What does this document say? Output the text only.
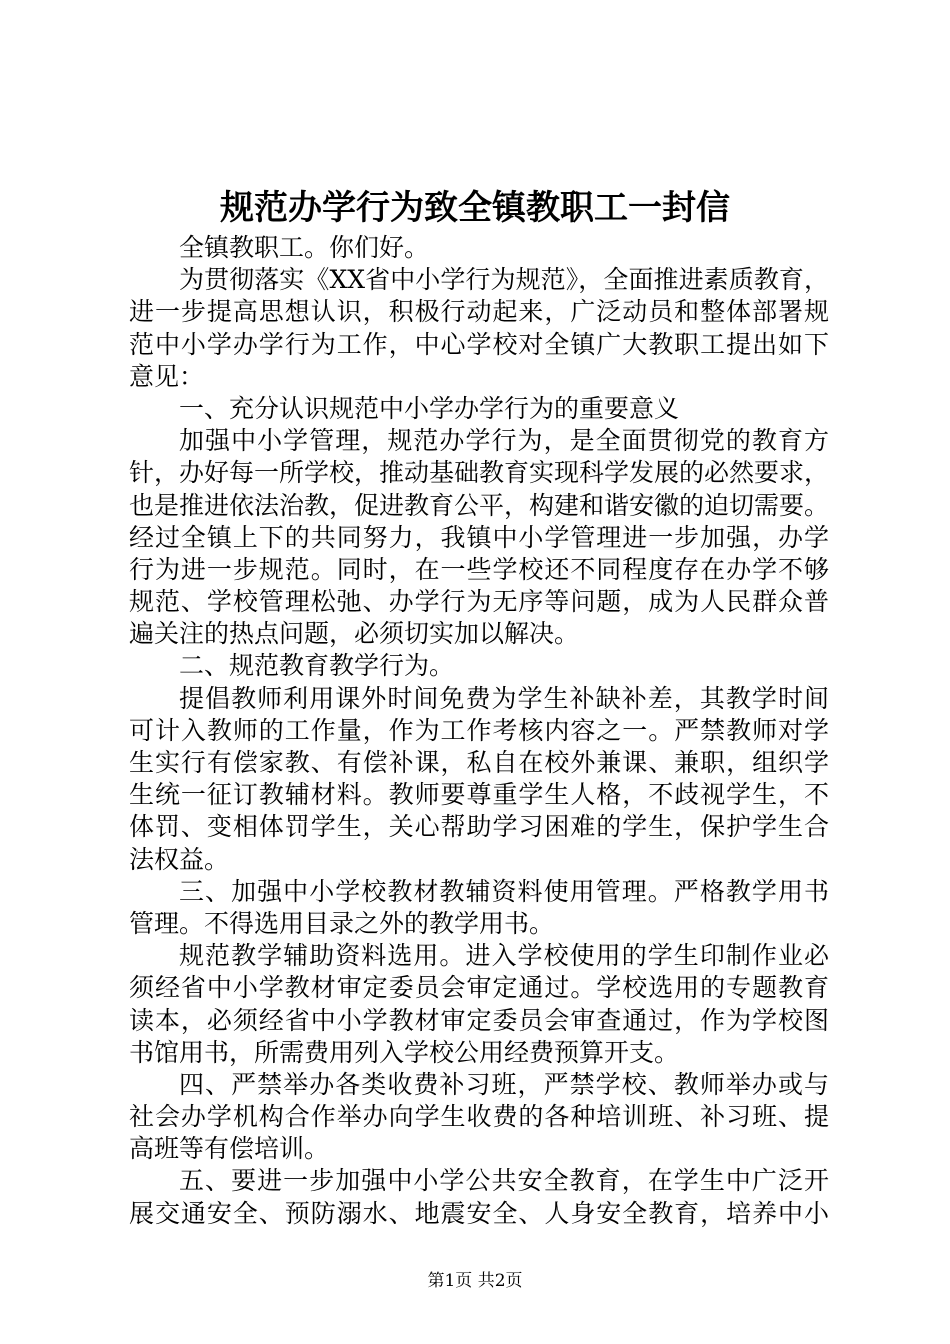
规范办学行为致全镇教职工一封信
全镇教职工。你们好。
为贯彻落实《XX省中小学行为规范》，全面推进素质教育，
进一步提高思想认识，积极行动起来，广泛动员和整体部署规
范中小学办学行为工作，中心学校对全镇广大教职工提出如下
意见：
一、充分认识规范中小学办学行为的重要意义
加强中小学管理，规范办学行为，是全面贯彻党的教育方
针，办好每一所学校，推动基础教育实现科学发展的必然要求，
也是推进依法治教，促进教育公平，构建和谐安徽的迫切需要。
经过全镇上下的共同努力，我镇中小学管理进一步加强，办学
行为进一步规范。同时，在一些学校还不同程度存在办学不够
规范、学校管理松弛、办学行为无序等问题，成为人民群众普
遍关注的热点问题，必须切实加以解决。
二、规范教育教学行为。
提倡教师利用课外时间免费为学生补缺补差，其教学时间
可计入教师的工作量，作为工作考核内容之一。严禁教师对学
生实行有偿家教、有偿补课，私自在校外兼课、兼职，组织学
生统一征订教辅材料。教师要尊重学生人格，不歧视学生，不
体罚、变相体罚学生，关心帮助学习困难的学生，保护学生合
法权益。
三、加强中小学校教材教辅资料使用管理。严格教学用书
管理。不得选用目录之外的教学用书。
规范教学辅助资料选用。进入学校使用的学生印制作业必
须经省中小学教材审定委员会审定通过。学校选用的专题教育
读本，必须经省中小学教材审定委员会审查通过，作为学校图
书馆用书，所需费用列入学校公用经费预算开支。
四、严禁举办各类收费补习班，严禁学校、教师举办或与
社会办学机构合作举办向学生收费的各种培训班、补习班、提
高班等有偿培训。
五、要进一步加强中小学公共安全教育，在学生中广泛开
展交通安全、预防溺水、地震安全、人身安全教育，培养中小
第1页 共2页
